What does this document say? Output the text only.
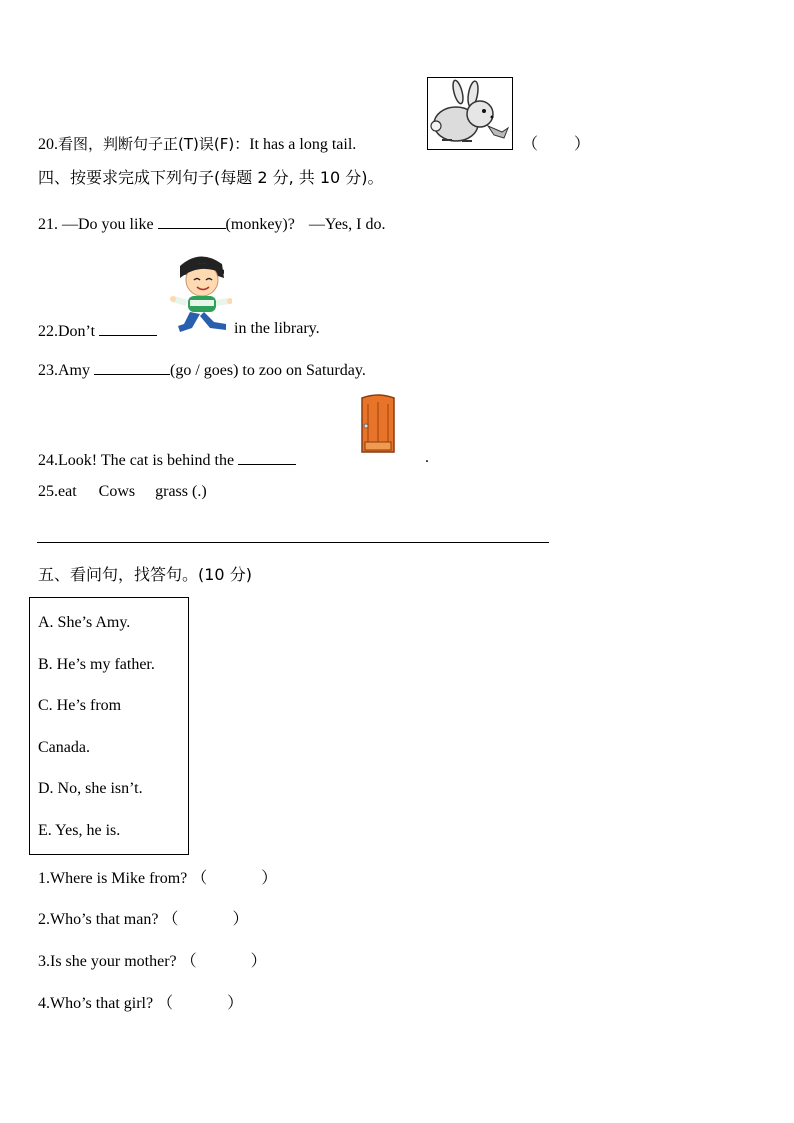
20.看图，判断句子正(T)误(F)：It has a long tail.	（ ）
四、按要求完成下列句子(每题 2 分, 共 10 分)。
21. —Do you like	(monkey)? —Yes, I do.
22.Don’t	in the library.
23.Amy	(go / goes) to zoo on Saturday.
24.Look! The cat is behind the	.
25.eat Cows grass (.)
五、看问句，找答句。(10 分)
A. She’s Amy.
B. He’s my father.
C. He’s from
Canada.
D. No, she isn’t.
E. Yes, he is.
1.Where is Mike from? （	）
2.Who’s that man? （	）
3.Is she your mother? （	）
4.Who’s that girl? （	）
